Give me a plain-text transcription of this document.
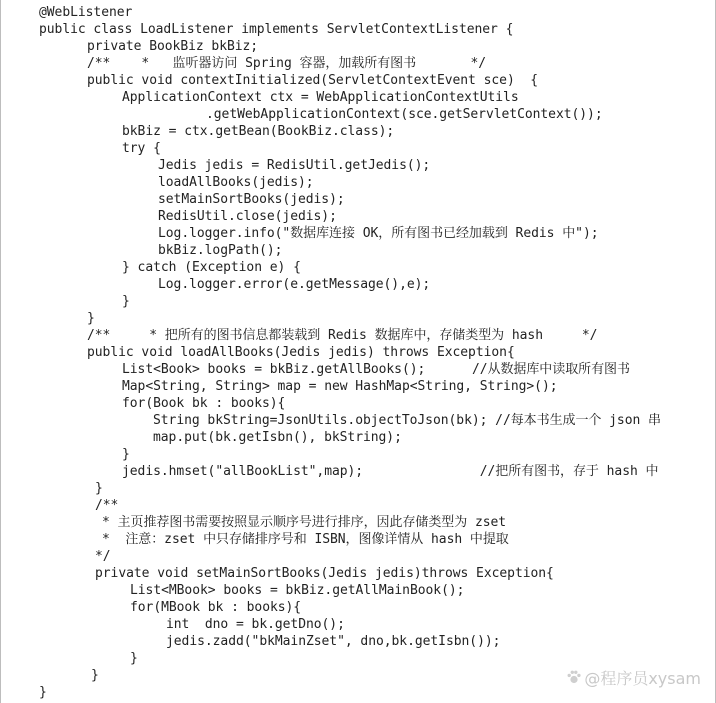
@WebListener
public class LoadListener implements ServletContextListener {
private BookBiz bkBiz;
/**    *   监听器访问 Spring 容器，加载所有图书       */
public void contextInitialized(ServletContextEvent sce)  {
ApplicationContext ctx = WebApplicationContextUtils
.getWebApplicationContext(sce.getServletContext());
bkBiz = ctx.getBean(BookBiz.class);
try {
Jedis jedis = RedisUtil.getJedis();
loadAllBooks(jedis);
setMainSortBooks(jedis);
RedisUtil.close(jedis);
Log.logger.info("数据库连接 OK，所有图书已经加载到 Redis 中");
bkBiz.logPath();
} catch (Exception e) {
Log.logger.error(e.getMessage(),e);
}
}
/**     * 把所有的图书信息都装载到 Redis 数据库中，存储类型为 hash     */
public void loadAllBooks(Jedis jedis) throws Exception{
List<Book> books = bkBiz.getAllBooks();      //从数据库中读取所有图书
Map<String, String> map = new HashMap<String, String>();
for(Book bk : books){
String bkString=JsonUtils.objectToJson(bk); //每本书生成一个 json 串
map.put(bk.getIsbn(), bkString);
}
jedis.hmset("allBookList",map);               //把所有图书，存于 hash 中
}
/**
* 主页推荐图书需要按照显示顺序号进行排序，因此存储类型为 zset
*  注意：zset 中只存储排序号和 ISBN，图像详情从 hash 中提取
*/
private void setMainSortBooks(Jedis jedis)throws Exception{
List<MBook> books = bkBiz.getAllMainBook();
for(MBook bk : books){
int  dno = bk.getDno();
jedis.zadd("bkMainZset", dno,bk.getIsbn());
}
}
}
@程序员xysam
